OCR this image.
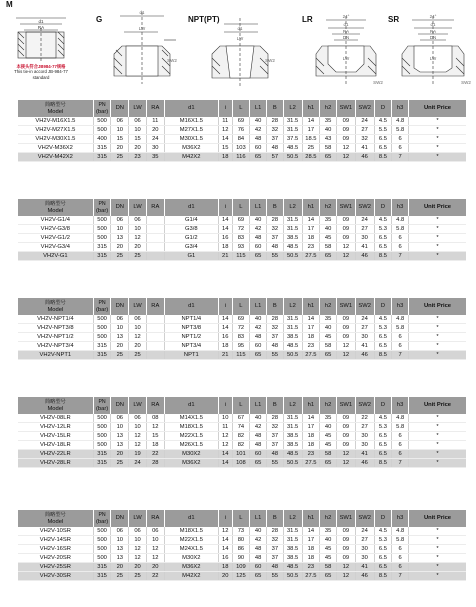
M
d1
RA
本接头符合JB984-77规格
This tie-in accord JB-984-77
standard
G
d1
LW
SW2
NPT(PT)
d1
LW
SW2
LR	24°
d1
RA
DN
LW
SW2
SR	24°
d1
RA
DN
LW
SW2
简略型号
Model	PN
(bar)	DN	LW	RA	d1	i	L	L1	B	L2	h1	h2	SW1	SW2	D	h3	Unit Price
VH2V-M16X1.5	500	06	06	11	M16X1.5	11	69	40	28	31.5	14	35	09	24	4.5	4.8	*
VH2V-M27X1.5	500	10	10	20	M27X1.5	12	76	42	32	31.5	17	40	09	27	5.5	5.8	*
VH2V-M30X1.5	400	15	15	24	M30X1.5	14	84	48	37	37.5	18.5	43	09	32	6.5	6	*
VH2V-M36X2	315	20	20	30	M36X2	15	103	60	48	48.5	25	58	12	41	6.5	6	*
VH2V-M42X2	315	25	23	35	M42X2	18	116	65	57	50.5	28.5	65	12	46	8.5	7	*
简略型号
Model	PN
(bar)	DN	LW	RA	d1	i	L	L1	B	L2	h1	h2	SW1	SW2	D	h3	Unit Price
VH2V-G1/4	500	06	06		G1/4	14	69	40	28	31.5	14	35	09	24	4.5	4.8	*
VH2V-G3/8	500	10	10		G3/8	14	72	42	32	31.5	17	40	09	27	5.3	5.8	*
VH2V-G1/2	500	13	12		G1/2	16	83	48	37	38.5	18	45	09	30	6.5	6	*
VH2V-G3/4	315	20	20		G3/4	18	93	60	48	48.5	23	58	12	41	6.5	6	*
VH2V-G1	315	25	25		G1	21	115	65	55	50.5	27.5	65	12	46	8.5	7	*
简略型号
Model	PN
(bar)	DN	LW	RA	d1	i	L	L1	B	L2	h1	h2	SW1	SW2	D	h3	Unit Price
VH2V-NPT1/4	500	06	06		NPT1/4	14	69	40	28	31.5	14	35	09	24	4.5	4.8	*
VH2V-NPT3/8	500	10	10		NPT3/8	14	72	42	32	31.5	17	40	09	27	5.3	5.8	*
VH2V-NPT1/2	500	13	12		NPT1/2	16	83	48	37	38.5	18	45	09	30	6.5	6	*
VH2V-NPT3/4	315	20	20		NPT3/4	18	95	60	48	48.5	23	58	12	41	6.5	6	*
VH2V-NPT1	315	25	25		NPT1	21	115	65	55	50.5	27.5	65	12	46	8.5	7	*
简略型号
Model	PN
(bar)	DN	LW	RA	d1	i	L	L1	B	L2	h1	h2	SW1	SW2	D	h3	Unit Price
VH2V-08LR	500	06	06	08	M14X1.5	10	67	40	28	31.5	14	35	09	22	4.5	4.8	*
VH2V-12LR	500	10	10	12	M18X1.5	11	74	42	32	31.5	17	40	09	27	5.3	5.8	*
VH2V-15LR	500	13	12	15	M22X1.5	12	82	48	37	38.5	18	45	09	30	6.5	6	*
VH2V-18LR	500	13	12	18	M26X1.5	12	82	48	37	38.5	18	45	09	30	6.5	6	*
VH2V-22LR	315	20	19	22	M30X2	14	101	60	48	48.5	23	58	12	41	6.5	6	*
VH2V-28LR	315	25	24	28	M36X2	14	108	65	55	50.5	27.5	65	12	46	8.5	7	*
简略型号
Model	PN
(bar)	DN	LW	RA	d1	i	L	L1	B	L2	h1	h2	SW1	SW2	D	h3	Unit Price
VH2V-10SR	500	06	06	06	M18X1.5	12	73	40	28	31.5	14	35	09	24	4.5	4.8	*
VH2V-14SR	500	10	10	10	M22X1.5	14	80	42	32	31.5	17	40	09	27	5.3	5.8	*
VH2V-16SR	500	13	12	12	M24X1.5	14	86	48	37	38.5	18	45	09	30	6.5	6	*
VH2V-20SR	500	13	12	12	M30X2	16	90	48	37	38.5	18	45	09	30	6.5	6	*
VH2V-25SR	315	20	20	20	M36X2	18	109	60	48	48.5	23	58	12	41	6.5	6	*
VH2V-30SR	315	25	25	22	M42X2	20	125	65	55	50.5	27.5	65	12	46	8.5	7	*
